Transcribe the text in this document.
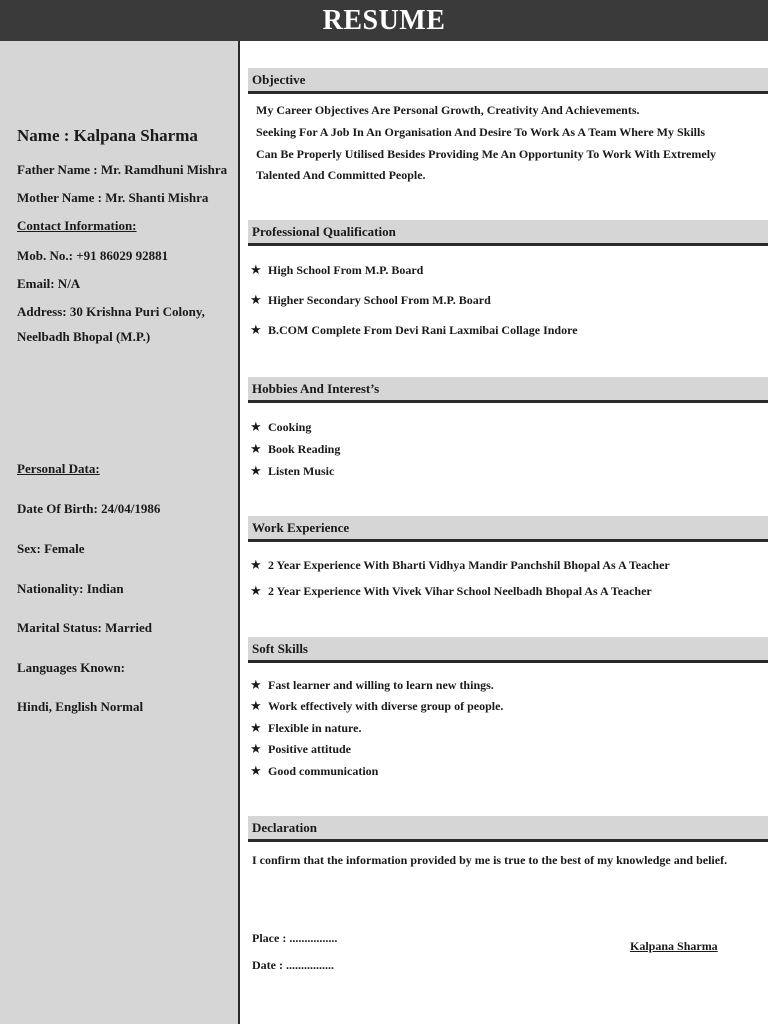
RESUME
Name : Kalpana Sharma
Father Name : Mr. Ramdhuni Mishra
Mother Name : Mr. Shanti Mishra
Contact Information:
Mob. No.: +91 86029 92881
Email: N/A
Address: 30 Krishna Puri Colony,
Neelbadh Bhopal (M.P.)
Personal Data:
Date Of Birth: 24/04/1986
Sex: Female
Nationality: Indian
Marital Status: Married
Languages Known:
Hindi, English Normal
Objective
My Career Objectives Are Personal Growth, Creativity And Achievements.
Seeking For A Job In An Organisation And Desire To Work As A Team Where My Skills
Can Be Properly Utilised Besides Providing Me An Opportunity To Work With Extremely
Talented And Committed People.
Professional Qualification
★ High School From M.P. Board
★ Higher Secondary School From M.P. Board
★ B.COM Complete From Devi Rani Laxmibai Collage Indore
Hobbies And Interest’s
★ Cooking
★ Book Reading
★ Listen Music
Work Experience
★ 2 Year Experience With Bharti Vidhya Mandir Panchshil Bhopal As A Teacher
★ 2 Year Experience With Vivek Vihar School Neelbadh Bhopal As A Teacher
Soft Skills
★ Fast learner and willing to learn new things.
★ Work effectively with diverse group of people.
★ Flexible in nature.
★ Positive attitude
★ Good communication
Declaration
I confirm that the information provided by me is true to the best of my knowledge and belief.
Place : ................
Date : ................
Kalpana Sharma
